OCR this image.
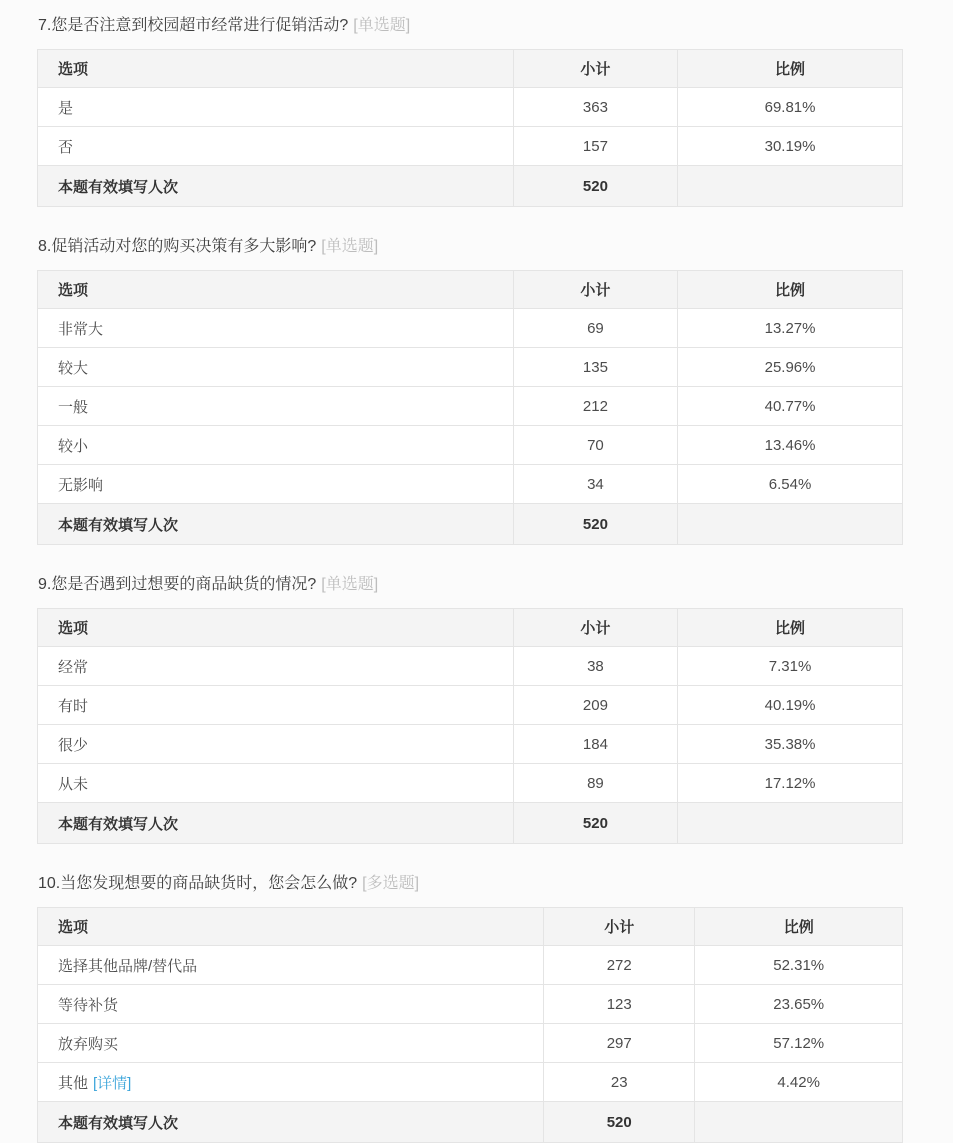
7.您是否注意到校园超市经常进行促销活动? [单选题]
选项	小计	比例
是	363	69.81%
否	157	30.19%
本题有效填写人次	520	
8.促销活动对您的购买决策有多大影响? [单选题]
选项	小计	比例
非常大	69	13.27%
较大	135	25.96%
一般	212	40.77%
较小	70	13.46%
无影响	34	6.54%
本题有效填写人次	520	
9.您是否遇到过想要的商品缺货的情况? [单选题]
选项	小计	比例
经常	38	7.31%
有时	209	40.19%
很少	184	35.38%
从未	89	17.12%
本题有效填写人次	520	
10.当您发现想要的商品缺货时，您会怎么做? [多选题]
选项	小计	比例
选择其他品牌/替代品	272	52.31%
等待补货	123	23.65%
放弃购买	297	57.12%
其他 [详情]	23	4.42%
本题有效填写人次	520	
